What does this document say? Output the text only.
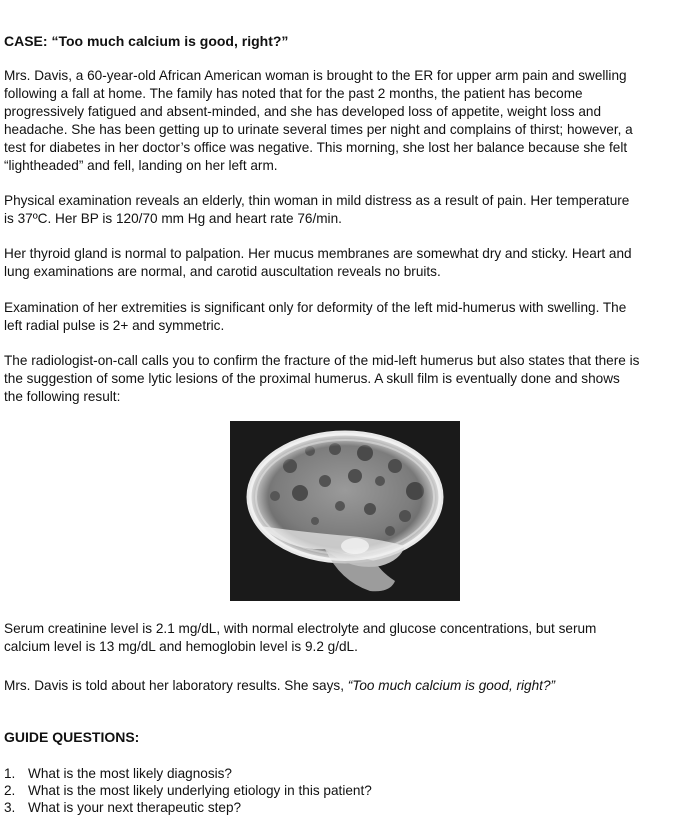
CASE: “Too much calcium is good, right?”

Mrs. Davis, a 60-year-old African American woman is brought to the ER for upper arm pain and swelling
following a fall at home. The family has noted that for the past 2 months, the patient has become
progressively fatigued and absent-minded, and she has developed loss of appetite, weight loss and
headache. She has been getting up to urinate several times per night and complains of thirst; however, a
test for diabetes in her doctor’s office was negative. This morning, she lost her balance because she felt
“lightheaded” and fell, landing on her left arm.

Physical examination reveals an elderly, thin woman in mild distress as a result of pain. Her temperature
is 37ºC. Her BP is 120/70 mm Hg and heart rate 76/min.

Her thyroid gland is normal to palpation. Her mucus membranes are somewhat dry and sticky. Heart and
lung examinations are normal, and carotid auscultation reveals no bruits.

Examination of her extremities is significant only for deformity of the left mid-humerus with swelling. The
left radial pulse is 2+ and symmetric.

The radiologist-on-call calls you to confirm the fracture of the mid-left humerus but also states that there is
the suggestion of some lytic lesions of the proximal humerus. A skull film is eventually done and shows
the following result:

Serum creatinine level is 2.1 mg/dL, with normal electrolyte and glucose concentrations, but serum
calcium level is 13 mg/dL and hemoglobin level is 9.2 g/dL.

Mrs. Davis is told about her laboratory results. She says, “Too much calcium is good, right?”

GUIDE QUESTIONS:
1. What is the most likely diagnosis?
2. What is the most likely underlying etiology in this patient?
3. What is your next therapeutic step?
